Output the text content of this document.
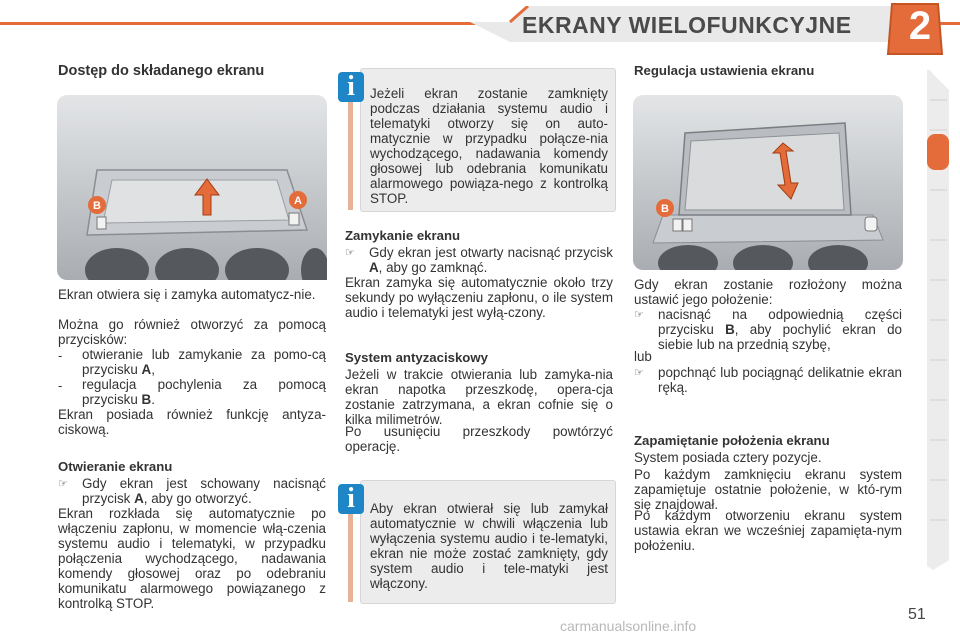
EKRANY WIELOFUNKCYJNE 2
Dostęp do składanego ekranu
B	A
Ekran otwiera się i zamyka automatycz-nie.
Można go również otworzyć za pomocą przycisków:
-	otwieranie lub zamykanie za pomo-cą przycisku A,
-	regulacja pochylenia za pomocą przycisku B.
Ekran posiada również funkcję antyza-ciskową.
Otwieranie ekranu
☞	Gdy ekran jest schowany nacisnąć przycisk A, aby go otworzyć.
Ekran rozkłada się automatycznie po włączeniu zapłonu, w momencie włą-czenia systemu audio i telematyki, w przypadku połączenia wychodzącego, nadawania komendy głosowej oraz po odebraniu komunikatu alarmowego powiązanego z kontrolką STOP.
i	Jeżeli ekran zostanie zamknięty podczas działania systemu audio i telematyki otworzy się on auto-matycznie w przypadku połącze-nia wychodzącego, nadawania komendy głosowej lub odebrania komunikatu alarmowego powiąza-nego z kontrolką STOP.
Zamykanie ekranu
☞	Gdy ekran jest otwarty nacisnąć przycisk A, aby go zamknąć.
Ekran zamyka się automatycznie około trzy sekundy po wyłączeniu zapłonu, o ile system audio i telematyki jest wyłą-czony.
System antyzaciskowy
Jeżeli w trakcie otwierania lub zamyka-nia ekran napotka przeszkodę, opera-cja zostanie zatrzymana, a ekran cofnie się o kilka milimetrów.
Po usunięciu przeszkody powtórzyć operację.
i	Aby ekran otwierał się lub zamykał automatycznie w chwili włączenia lub wyłączenia systemu audio i te-lematyki, ekran nie może zostać zamknięty, gdy system audio i tele-matyki jest włączony.
Regulacja ustawienia ekranu
B
Gdy ekran zostanie rozłożony można ustawić jego położenie:
☞	nacisnąć na odpowiednią części przycisku B, aby pochylić ekran do siebie lub na przednią szybę,
lub
☞	popchnąć lub pociągnąć delikatnie ekran ręką.
Zapamiętanie położenia ekranu
System posiada cztery pozycje.
Po każdym zamknięciu ekranu system zapamiętuje ostatnie położenie, w któ-rym się znajdował.
Po każdym otworzeniu ekranu system ustawia ekran we wcześniej zapamięta-nym położeniu.
51
carmanualsonline.info
